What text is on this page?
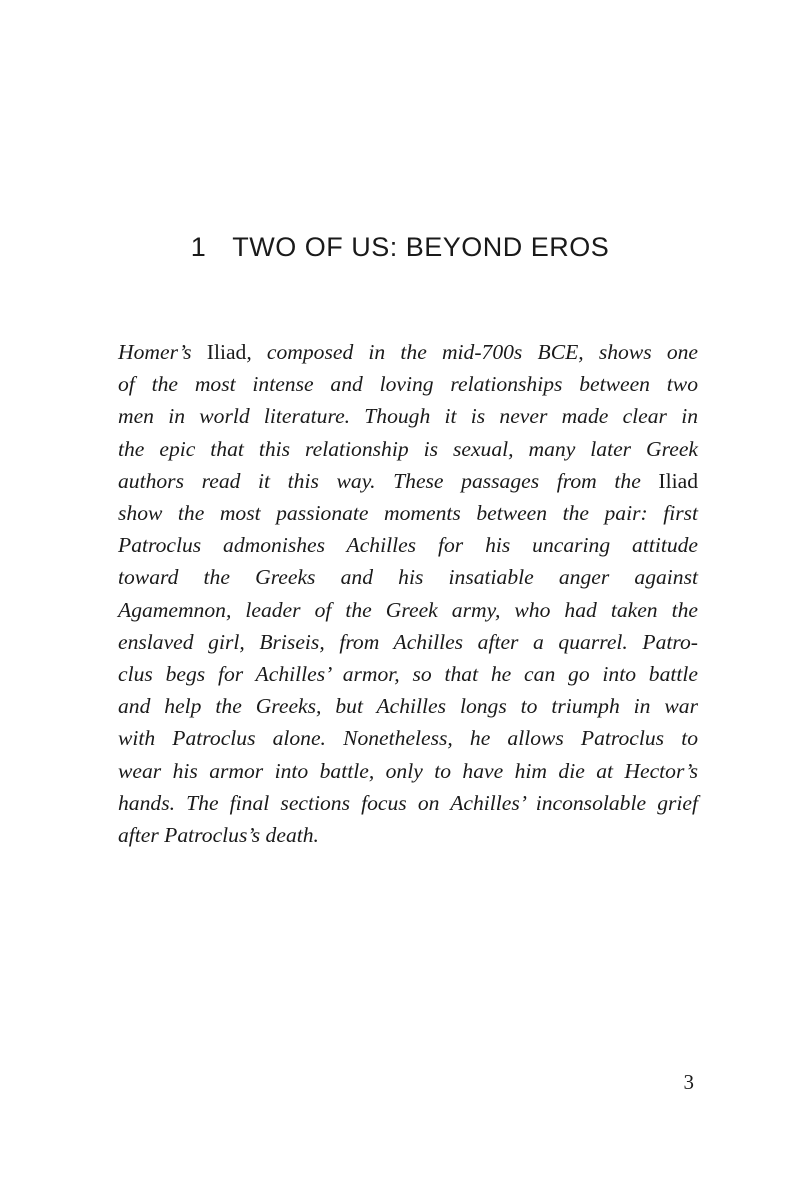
1 TWO OF US: BEYOND EROS
Homer’s Iliad, composed in the mid-700s BCE, shows one
of the most intense and loving relationships between two
men in world literature. Though it is never made clear in
the epic that this relationship is sexual, many later Greek
authors read it this way. These passages from the Iliad
show the most passionate moments between the pair: first
Patroclus admonishes Achilles for his uncaring attitude
toward the Greeks and his insatiable anger against
Agamemnon, leader of the Greek army, who had taken the
enslaved girl, Briseis, from Achilles after a quarrel. Patro-
clus begs for Achilles’ armor, so that he can go into battle
and help the Greeks, but Achilles longs to triumph in war
with Patroclus alone. Nonetheless, he allows Patroclus to
wear his armor into battle, only to have him die at Hector’s
hands. The final sections focus on Achilles’ inconsolable grief
after Patroclus’s death.
3
